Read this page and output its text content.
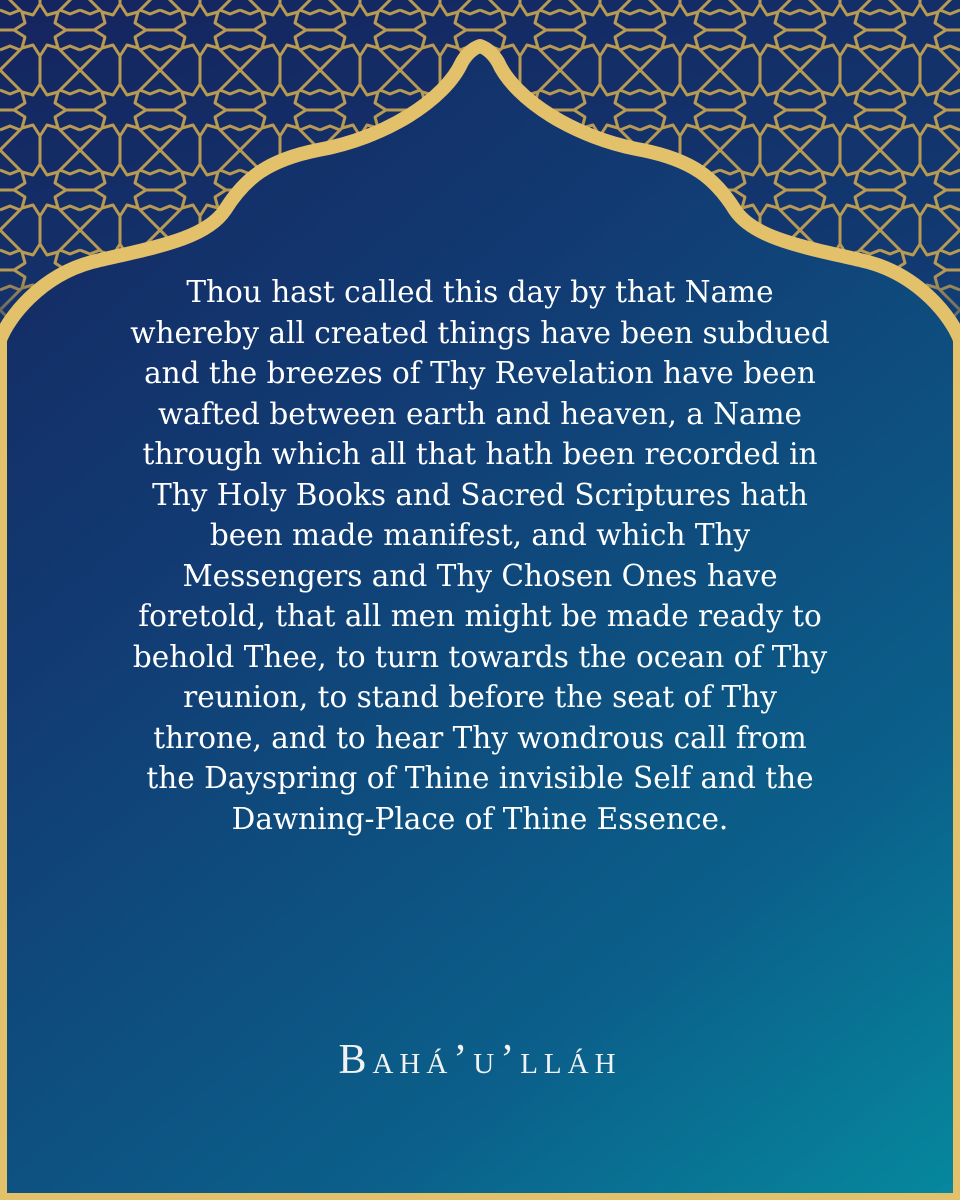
Thou hast called this day by that Name
whereby all created things have been subdued
and the breezes of Thy Revelation have been
wafted between earth and heaven, a Name
through which all that hath been recorded in
Thy Holy Books and Sacred Scriptures hath
been made manifest, and which Thy
Messengers and Thy Chosen Ones have
foretold, that all men might be made ready to
behold Thee, to turn towards the ocean of Thy
reunion, to stand before the seat of Thy
throne, and to hear Thy wondrous call from
the Dayspring of Thine invisible Self and the
Dawning-Place of Thine Essence.

Bahá’u’lláh
